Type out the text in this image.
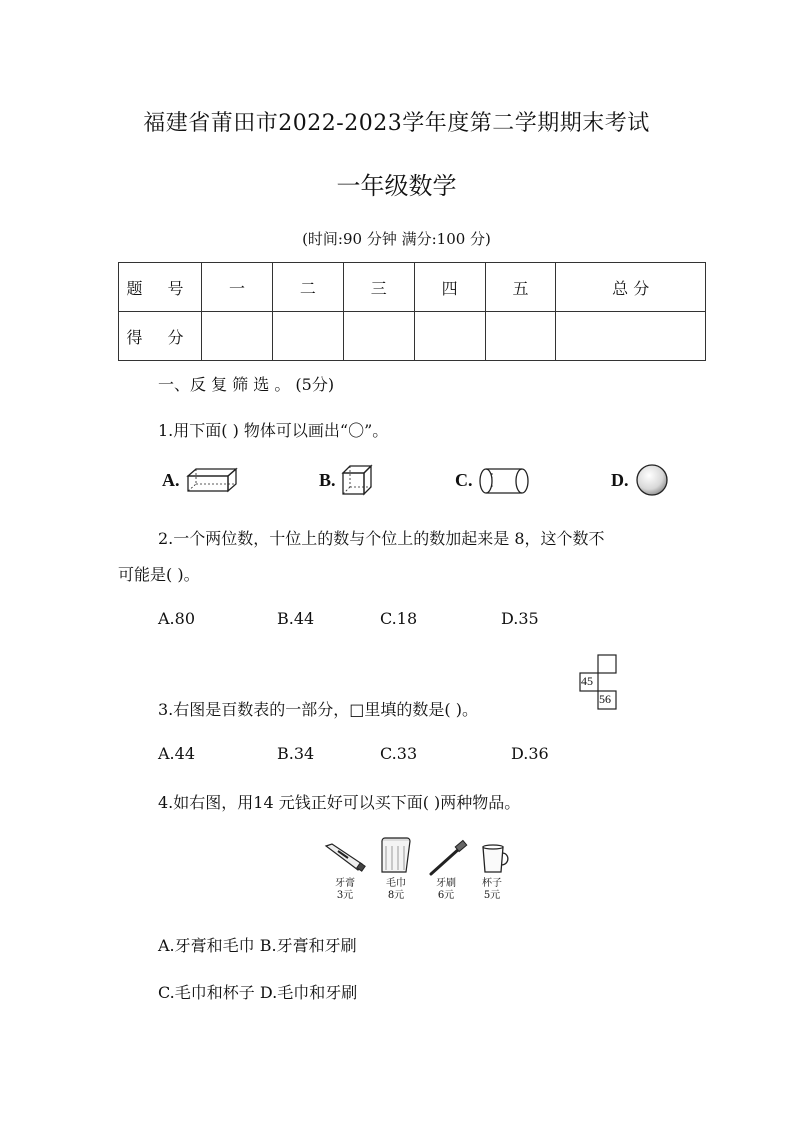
福建省莆田市2022-2023学年度第二学期期末考试
一年级数学
(时间:90 分钟 满分:100 分)
题 号	一	二	三	四	五	总 分
得 分						
一、反 复 筛 选 。 (5分)
1.用下面( ) 物体可以画出“〇”。
A.	B.	C.	D.
2.一个两位数，十位上的数与个位上的数加起来是 8，这个数不
可能是( )。
A.80	B.44	C.18	D.35
45
56
3.右图是百数表的一部分，□里填的数是( )。
A.44	B.34	C.33	D.36
4.如右图，用14 元钱正好可以买下面( )两种物品。
牙膏
3元
毛巾
8元
牙刷
6元
杯子
5元
A.牙膏和毛巾 B.牙膏和牙刷
C.毛巾和杯子 D.毛巾和牙刷
